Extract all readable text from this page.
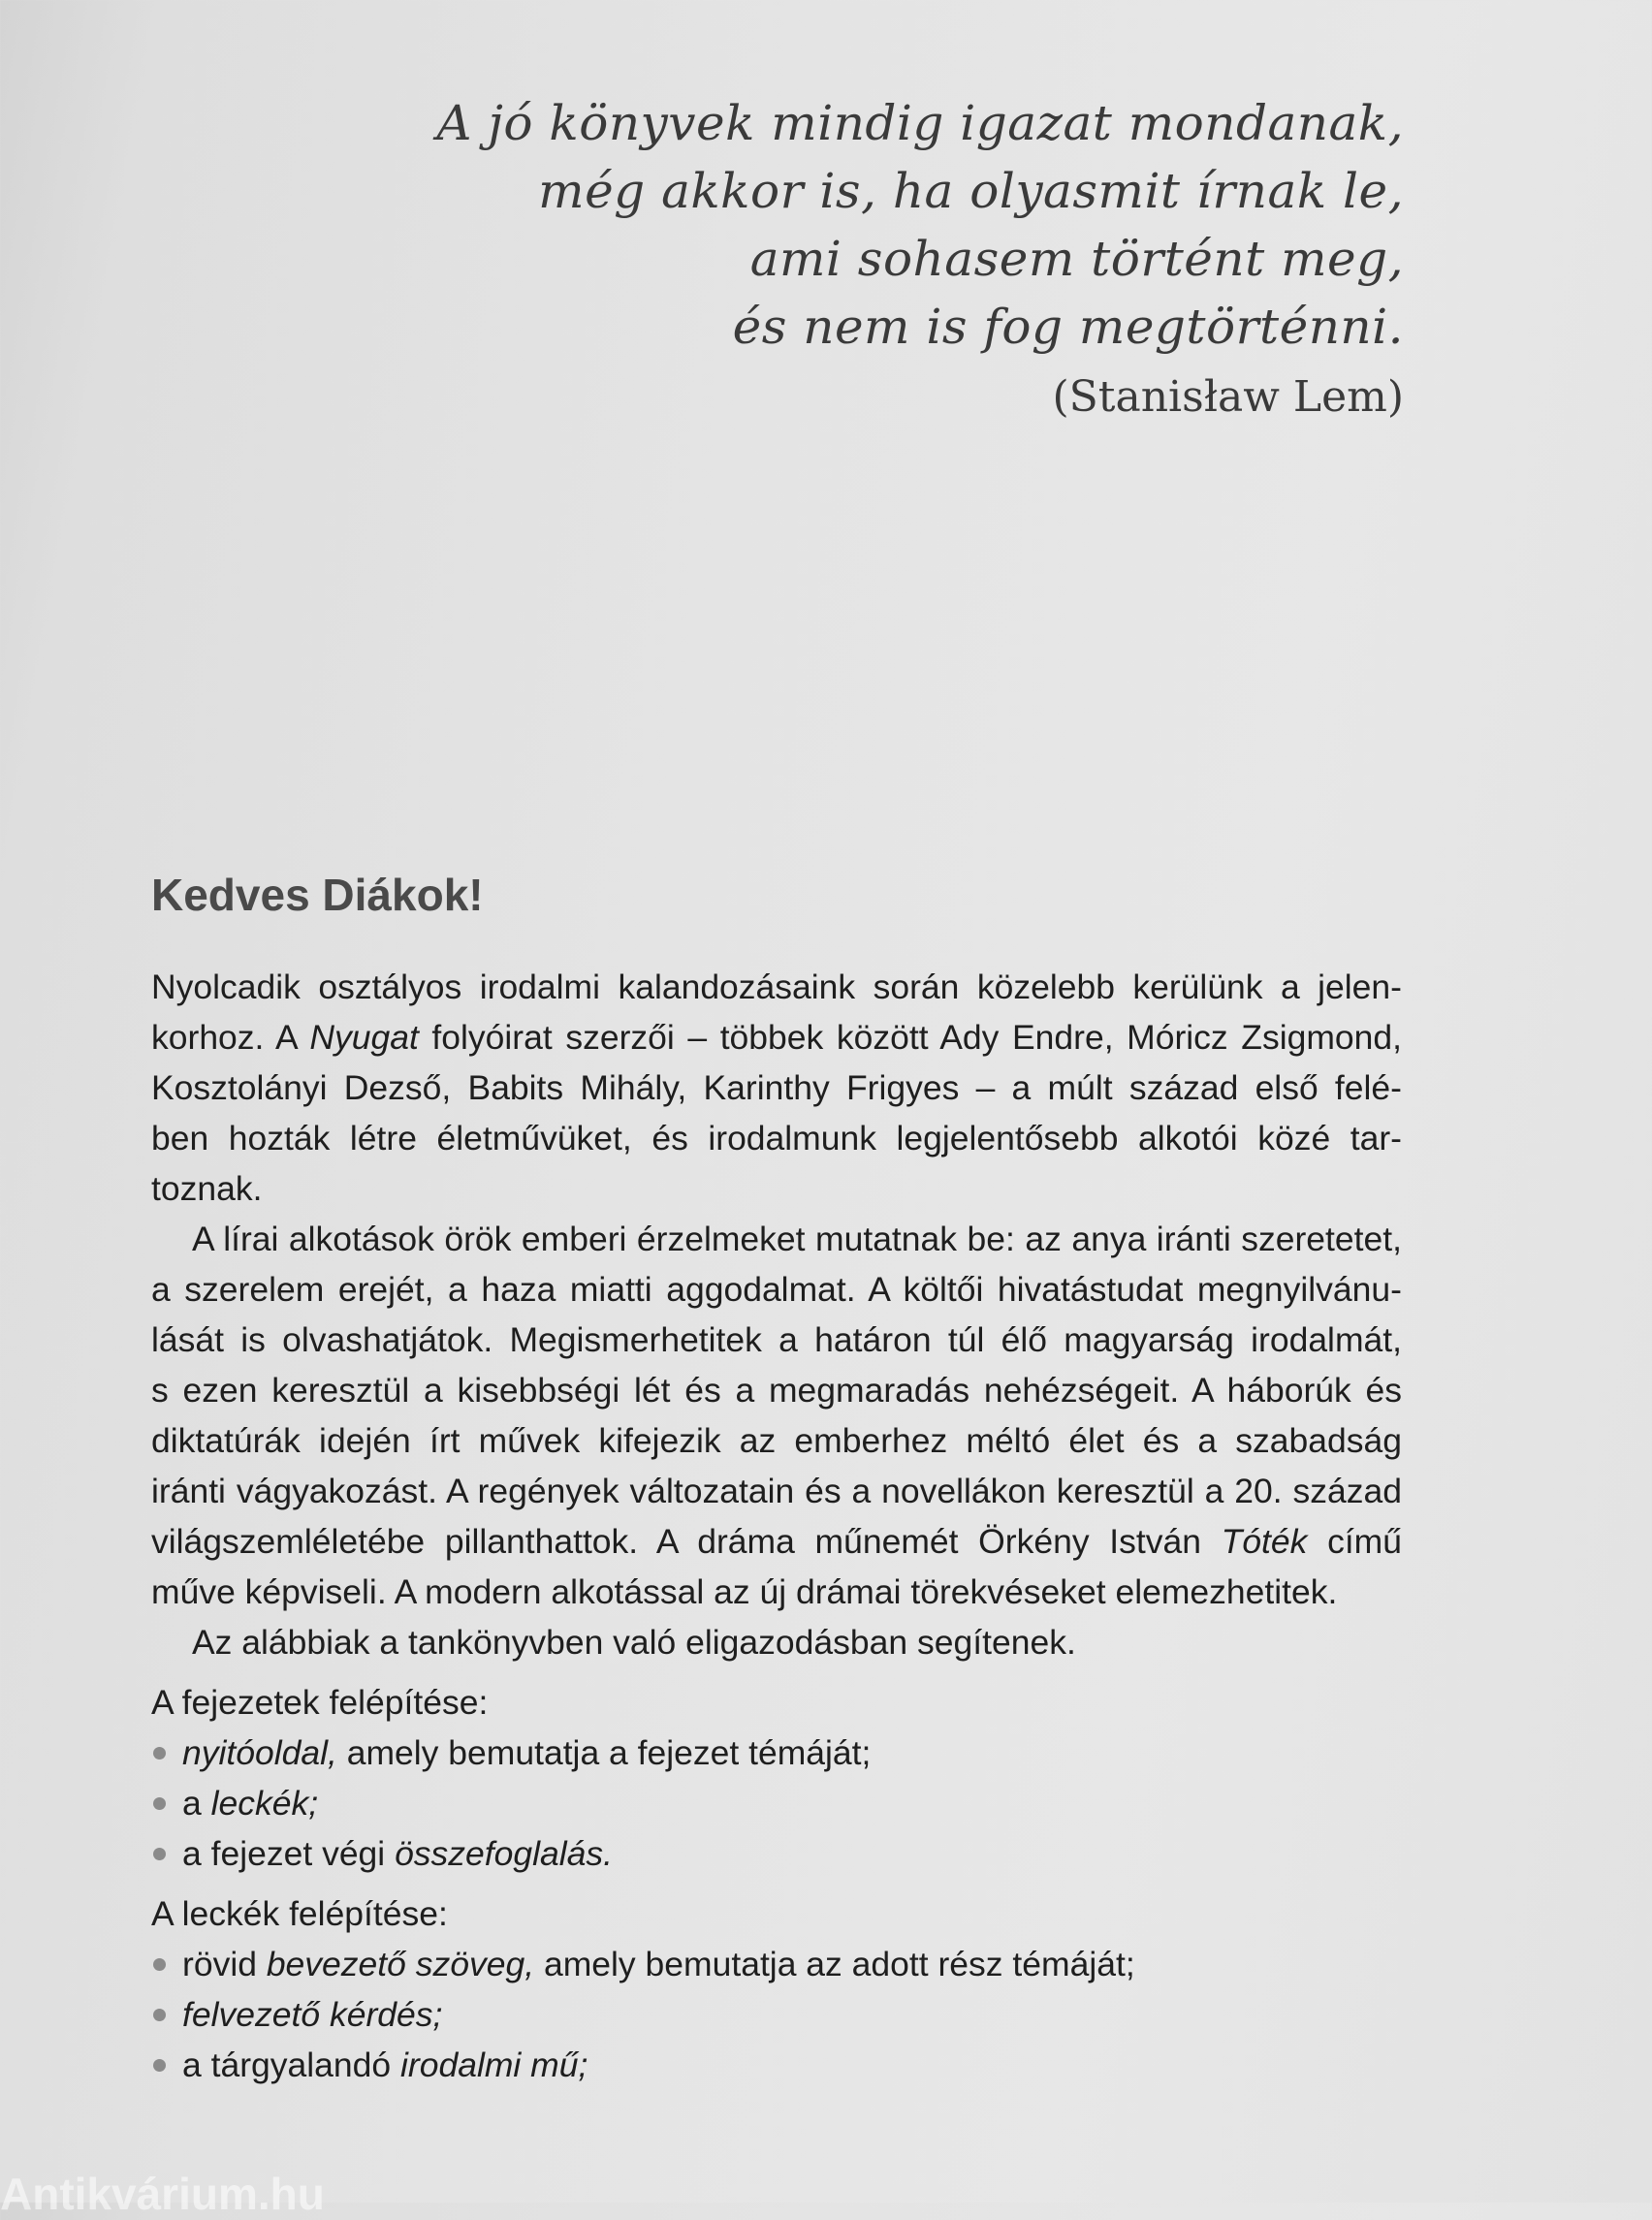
A jó könyvek mindig igazat mondanak,
még akkor is, ha olyasmit írnak le,
ami sohasem történt meg,
és nem is fog megtörténni.
(Stanisław Lem)
Kedves Diákok!

Nyolcadik osztályos irodalmi kalandozásaink során közelebb kerülünk a jelen-
korhoz. A Nyugat folyóirat szerzői – többek között Ady Endre, Móricz Zsigmond,
Kosztolányi Dezső, Babits Mihály, Karinthy Frigyes – a múlt század első felé-
ben hozták létre életművüket, és irodalmunk legjelentősebb alkotói közé tar-
toznak.

A lírai alkotások örök emberi érzelmeket mutatnak be: az anya iránti szeretetet,
a szerelem erejét, a haza miatti aggodalmat. A költői hivatástudat megnyilvánu-
lását is olvashatjátok. Megismerhetitek a határon túl élő magyarság irodalmát,
s ezen keresztül a kisebbségi lét és a megmaradás nehézségeit. A háborúk és
diktatúrák idején írt művek kifejezik az emberhez méltó élet és a szabadság
iránti vágyakozást. A regények változatain és a novellákon keresztül a 20. század
világszemléletébe pillanthattok. A dráma műnemét Örkény István Tóték című
műve képviseli. A modern alkotással az új drámai törekvéseket elemezhetitek.

Az alábbiak a tankönyvben való eligazodásban segítenek.

A fejezetek felépítése:

nyitóoldal, amely bemutatja a fejezet témáját;
a leckék;
a fejezet végi összefoglalás.

A leckék felépítése:

rövid bevezető szöveg, amely bemutatja az adott rész témáját;
felvezető kérdés;
a tárgyalandó irodalmi mű;
Antikvárium.hu
